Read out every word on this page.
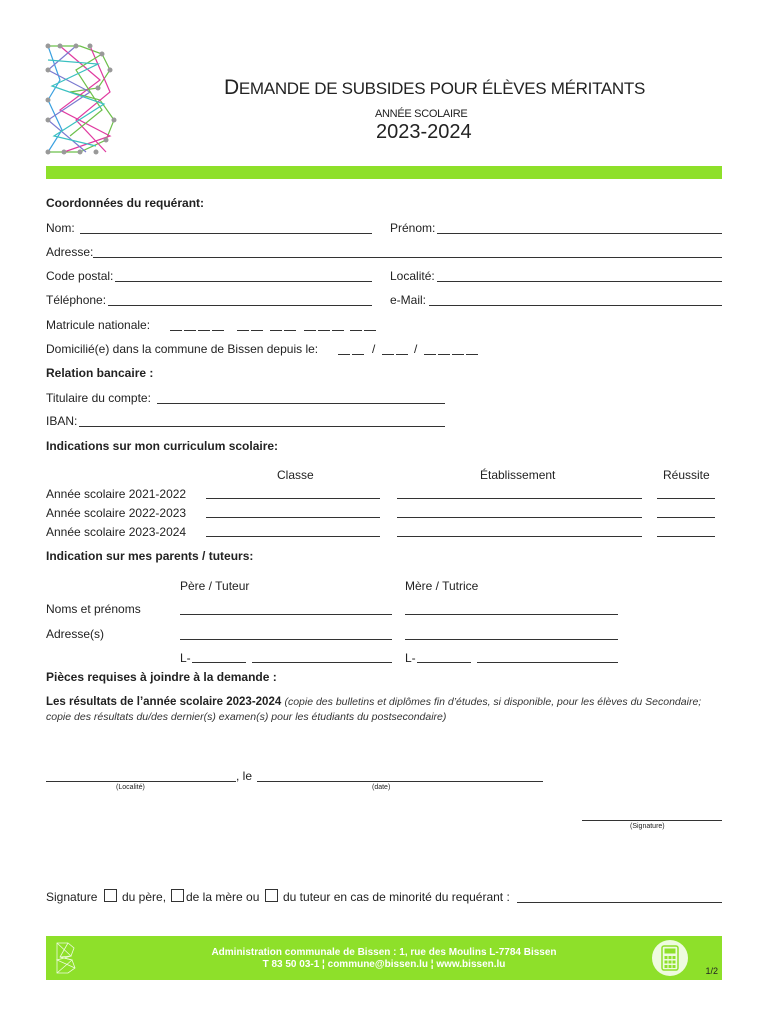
DEMANDE DE SUBSIDES POUR ÉLÈVES MÉRITANTS
ANNÉE SCOLAIRE
2023-2024
Coordonnées du requérant:
Nom:	Prénom:
Adresse:
Code postal:	Localité:
Téléphone:	e-Mail:
Matricule nationale:
Domicilié(e) dans la commune de Bissen depuis le:	/	/
Relation bancaire :
Titulaire du compte:
IBAN:
Indications sur mon curriculum scolaire:
Classe	Établissement	Réussite
Année scolaire 2021-2022
Année scolaire 2022-2023
Année scolaire 2023-2024
Indication sur mes parents / tuteurs:
Père / Tuteur	Mère / Tutrice
Noms et prénoms
Adresse(s)
L-	L-
Pièces requises à joindre à la demande :
Les résultats de l’année scolaire 2023-2024 (copie des bulletins et diplômes fin d’études, si disponible, pour les élèves du Secondaire;
copie des résultats du/des dernier(s) examen(s) pour les étudiants du postsecondaire)
, le
(Localité)	(date)
(Signature)
Signature du père, de la mère ou du tuteur en cas de minorité du requérant :
Administration communale de Bissen : 1, rue des Moulins L-7784 Bissen
T 83 50 03-1 ¦ commune@bissen.lu ¦ www.bissen.lu
1/2
